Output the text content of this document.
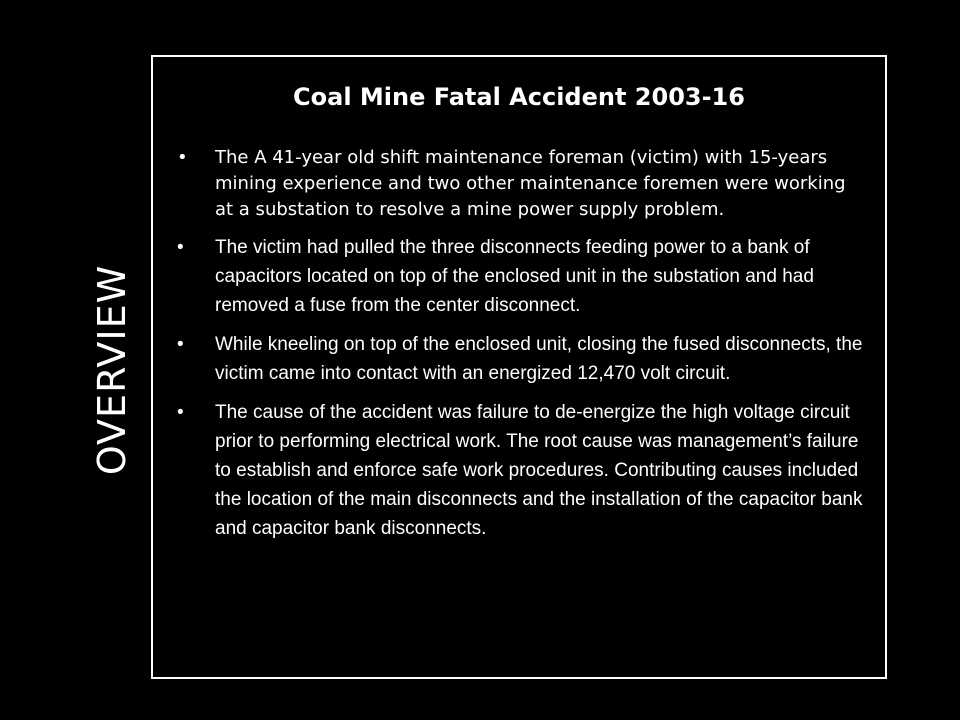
OVERVIEW
Coal Mine Fatal Accident 2003-16
• The A 41-year old shift maintenance foreman (victim) with 15-years mining experience and two other maintenance foremen were working at a substation to resolve a mine power supply problem.
• The victim had pulled the three disconnects feeding power to a bank of capacitors located on top of the enclosed unit in the substation and had removed a fuse from the center disconnect.
• While kneeling on top of the enclosed unit, closing the fused disconnects, the victim came into contact with an energized 12,470 volt circuit.
• The cause of the accident was failure to de-energize the high voltage circuit prior to performing electrical work. The root cause was management’s failure to establish and enforce safe work procedures. Contributing causes included the location of the main disconnects and the installation of the capacitor bank and capacitor bank disconnects.
